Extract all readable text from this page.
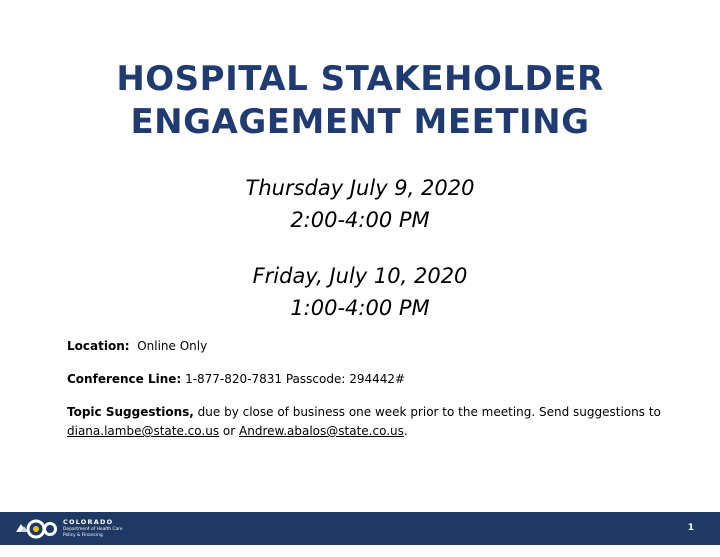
HOSPITAL STAKEHOLDER
ENGAGEMENT MEETING
Thursday July 9, 2020
2:00-4:00 PM
Friday, July 10, 2020
1:00-4:00 PM
Location: Online Only
Conference Line: 1-877-820-7831 Passcode: 294442#
Topic Suggestions, due by close of business one week prior to the meeting. Send suggestions to
diana.lambe@state.co.us or Andrew.abalos@state.co.us.
COLORADO
Department of Health Care
Policy & Financing
1
